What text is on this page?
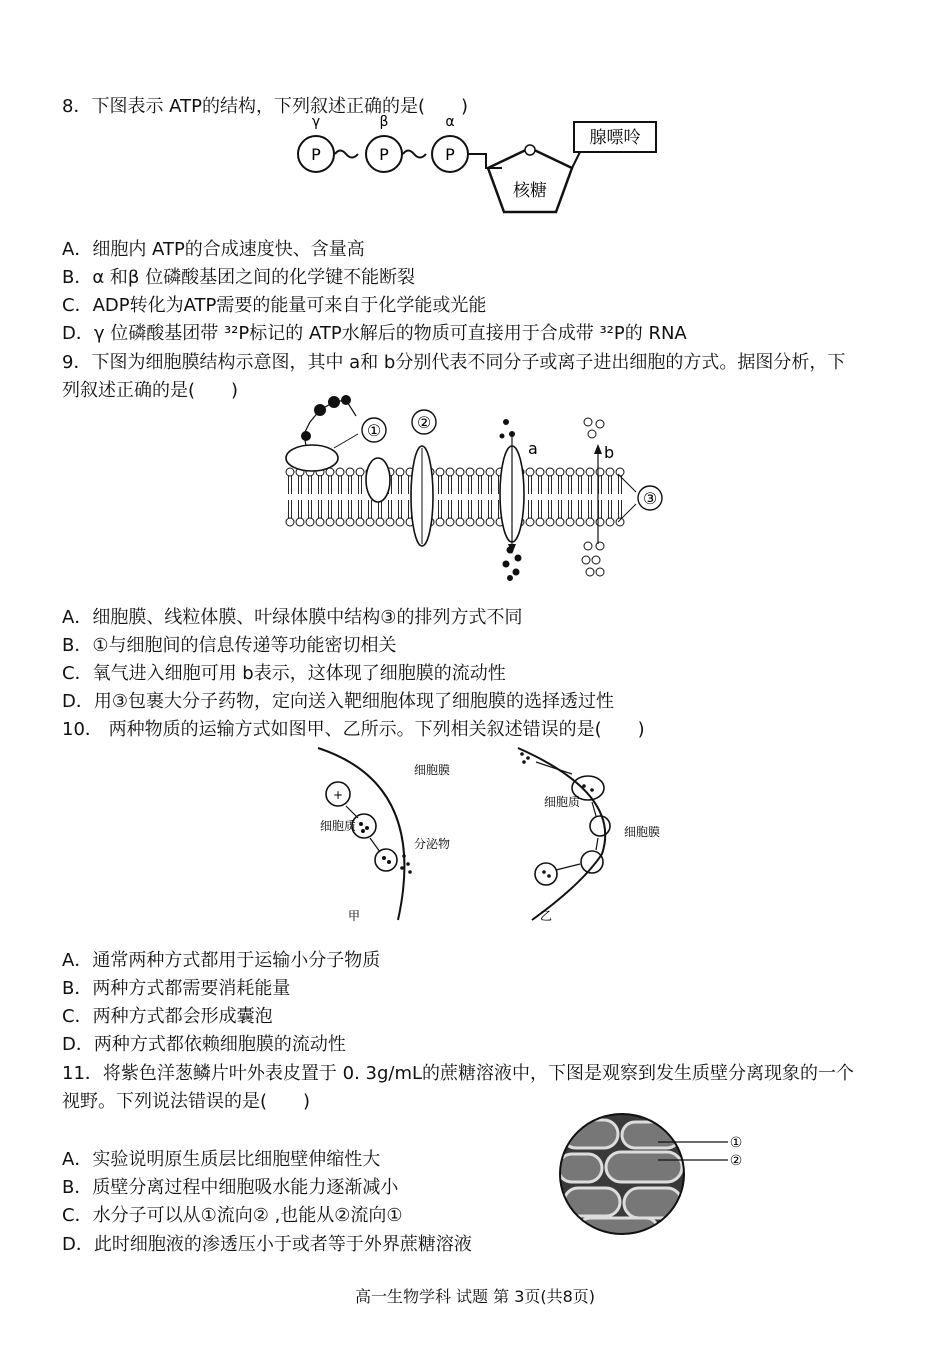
8．下图表示 ATP的结构，下列叙述正确的是(　　)
γ	β	α
P	P	P
核糖
腺嘌呤
A．细胞内 ATP的合成速度快、含量高
B．α 和β 位磷酸基团之间的化学键不能断裂
C．ADP转化为ATP需要的能量可来自于化学能或光能
D．γ 位磷酸基团带 ³²P标记的 ATP水解后的物质可直接用于合成带 ³²P的 RNA
9．下图为细胞膜结构示意图，其中 a和 b分别代表不同分子或离子进出细胞的方式。据图分析，下
列叙述正确的是(　　)
① ②
a	b
③
A．细胞膜、线粒体膜、叶绿体膜中结构③的排列方式不同
B．①与细胞间的信息传递等功能密切相关
C．氧气进入细胞可用 b表示，这体现了细胞膜的流动性
D．用③包裹大分子药物，定向送入靶细胞体现了细胞膜的选择透过性
10． 两种物质的运输方式如图甲、乙所示。下列相关叙述错误的是(　　)
+
细胞膜
细胞质
分泌物
甲
细胞质
细胞膜
乙
A．通常两种方式都用于运输小分子物质
B．两种方式都需要消耗能量
C．两种方式都会形成囊泡
D．两种方式都依赖细胞膜的流动性
11．将紫色洋葱鳞片叶外表皮置于 0. 3g/mL的蔗糖溶液中，下图是观察到发生质壁分离现象的一个
视野。下列说法错误的是(　　)
①
②
A．实验说明原生质层比细胞壁伸缩性大
B．质壁分离过程中细胞吸水能力逐渐减小
C．水分子可以从①流向② ,也能从②流向①
D．此时细胞液的渗透压小于或者等于外界蔗糖溶液
高一生物学科 试题 第 3页(共8页)
